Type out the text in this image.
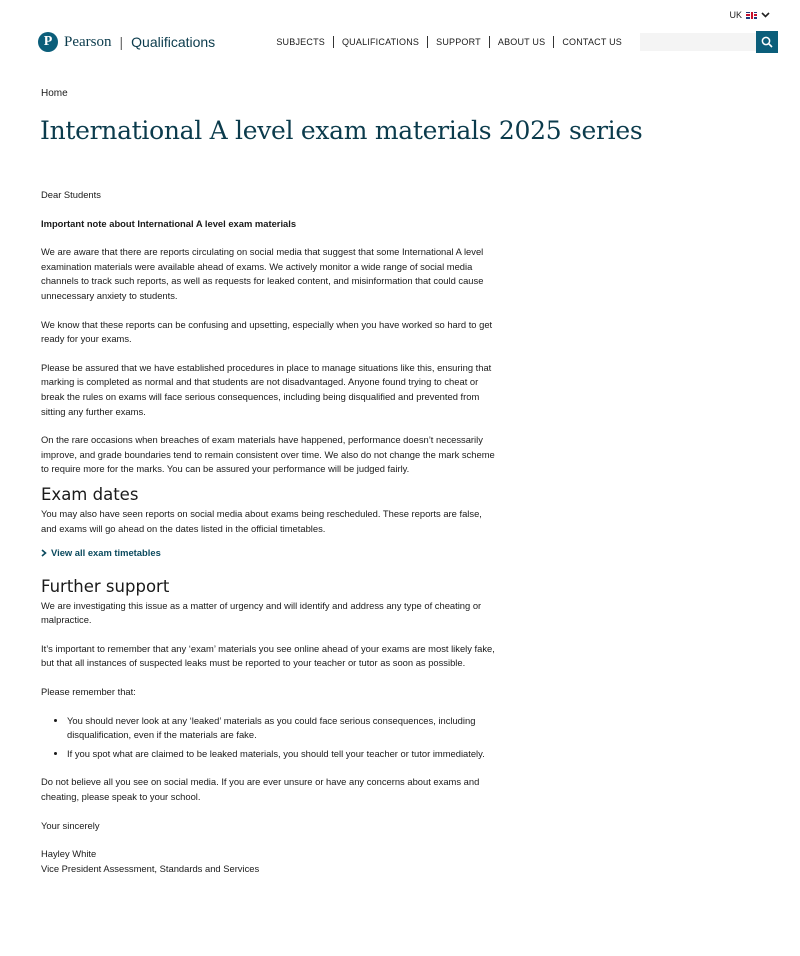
UK
P Pearson | Qualifications	SUBJECTS	QUALIFICATIONS	SUPPORT	ABOUT US	CONTACT US
Home
International A level exam materials 2025 series

Dear Students

Important note about International A level exam materials

We are aware that there are reports circulating on social media that suggest that some International A level examination materials were available ahead of exams. We actively monitor a wide range of social media channels to track such reports, as well as requests for leaked content, and misinformation that could cause unnecessary anxiety to students.

We know that these reports can be confusing and upsetting, especially when you have worked so hard to get ready for your exams.

Please be assured that we have established procedures in place to manage situations like this, ensuring that marking is completed as normal and that students are not disadvantaged. Anyone found trying to cheat or break the rules on exams will face serious consequences, including being disqualified and prevented from sitting any further exams.

On the rare occasions when breaches of exam materials have happened, performance doesn’t necessarily improve, and grade boundaries tend to remain consistent over time. We also do not change the mark scheme to require more for the marks. You can be assured your performance will be judged fairly.

Exam dates

You may also have seen reports on social media about exams being rescheduled. These reports are false, and exams will go ahead on the dates listed in the official timetables.

View all exam timetables
Further support

We are investigating this issue as a matter of urgency and will identify and address any type of cheating or malpractice.

It’s important to remember that any ‘exam’ materials you see online ahead of your exams are most likely fake, but that all instances of suspected leaks must be reported to your teacher or tutor as soon as possible.

Please remember that:

• You should never look at any ‘leaked’ materials as you could face serious consequences, including disqualification, even if the materials are fake.
• If you spot what are claimed to be leaked materials, you should tell your teacher or tutor immediately.

Do not believe all you see on social media. If you are ever unsure or have any concerns about exams and cheating, please speak to your school.

Your sincerely

Hayley White

Vice President Assessment, Standards and Services
